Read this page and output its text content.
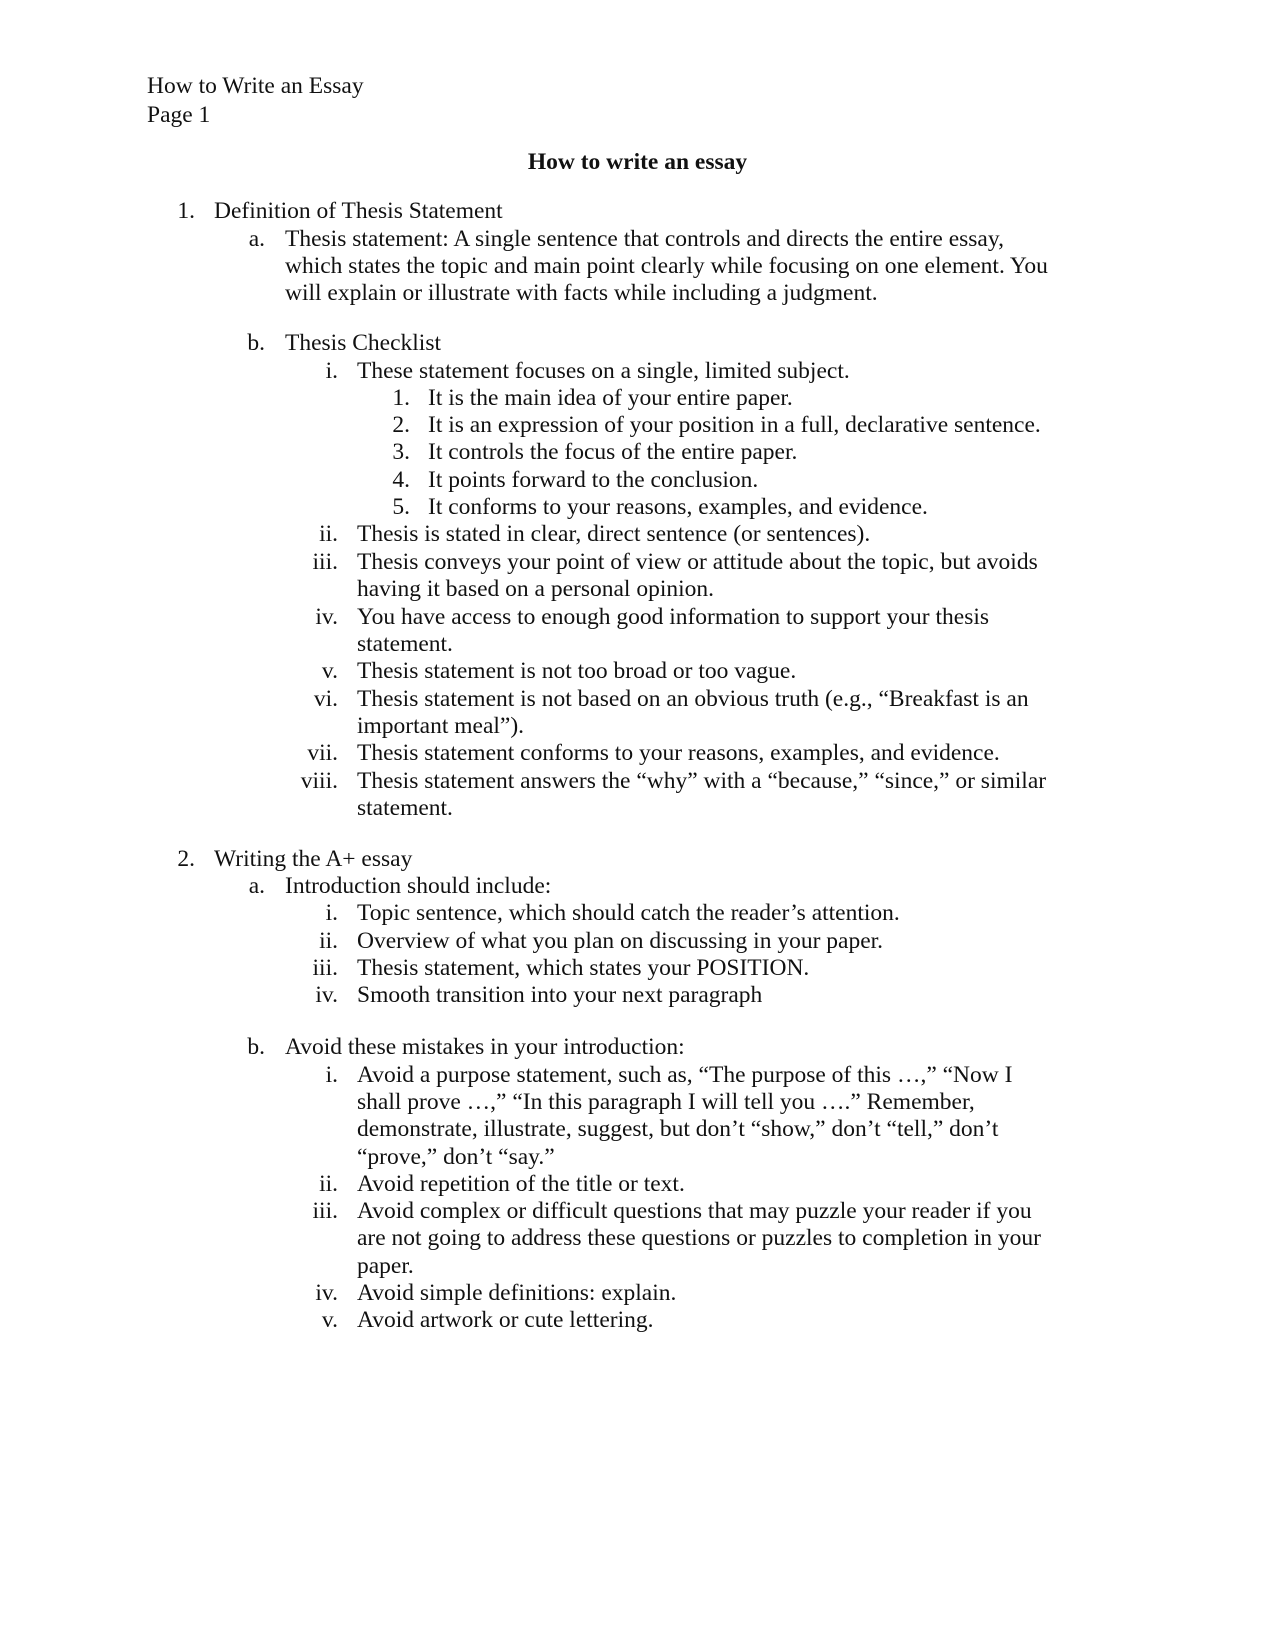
How to Write an Essay
Page 1
How to write an essay
1. Definition of Thesis Statement
a. Thesis statement: A single sentence that controls and directs the entire essay,
which states the topic and main point clearly while focusing on one element. You
will explain or illustrate with facts while including a judgment.
b. Thesis Checklist
i. These statement focuses on a single, limited subject.
1. It is the main idea of your entire paper.
2. It is an expression of your position in a full, declarative sentence.
3. It controls the focus of the entire paper.
4. It points forward to the conclusion.
5. It conforms to your reasons, examples, and evidence.
ii. Thesis is stated in clear, direct sentence (or sentences).
iii. Thesis conveys your point of view or attitude about the topic, but avoids
having it based on a personal opinion.
iv. You have access to enough good information to support your thesis
statement.
v. Thesis statement is not too broad or too vague.
vi. Thesis statement is not based on an obvious truth (e.g., “Breakfast is an
important meal”).
vii. Thesis statement conforms to your reasons, examples, and evidence.
viii. Thesis statement answers the “why” with a “because,” “since,” or similar
statement.
2. Writing the A+ essay
a. Introduction should include:
i. Topic sentence, which should catch the reader’s attention.
ii. Overview of what you plan on discussing in your paper.
iii. Thesis statement, which states your POSITION.
iv. Smooth transition into your next paragraph
b. Avoid these mistakes in your introduction:
i. Avoid a purpose statement, such as, “The purpose of this …,” “Now I
shall prove …,” “In this paragraph I will tell you ….” Remember,
demonstrate, illustrate, suggest, but don’t “show,” don’t “tell,” don’t
“prove,” don’t “say.”
ii. Avoid repetition of the title or text.
iii. Avoid complex or difficult questions that may puzzle your reader if you
are not going to address these questions or puzzles to completion in your
paper.
iv. Avoid simple definitions: explain.
v. Avoid artwork or cute lettering.
